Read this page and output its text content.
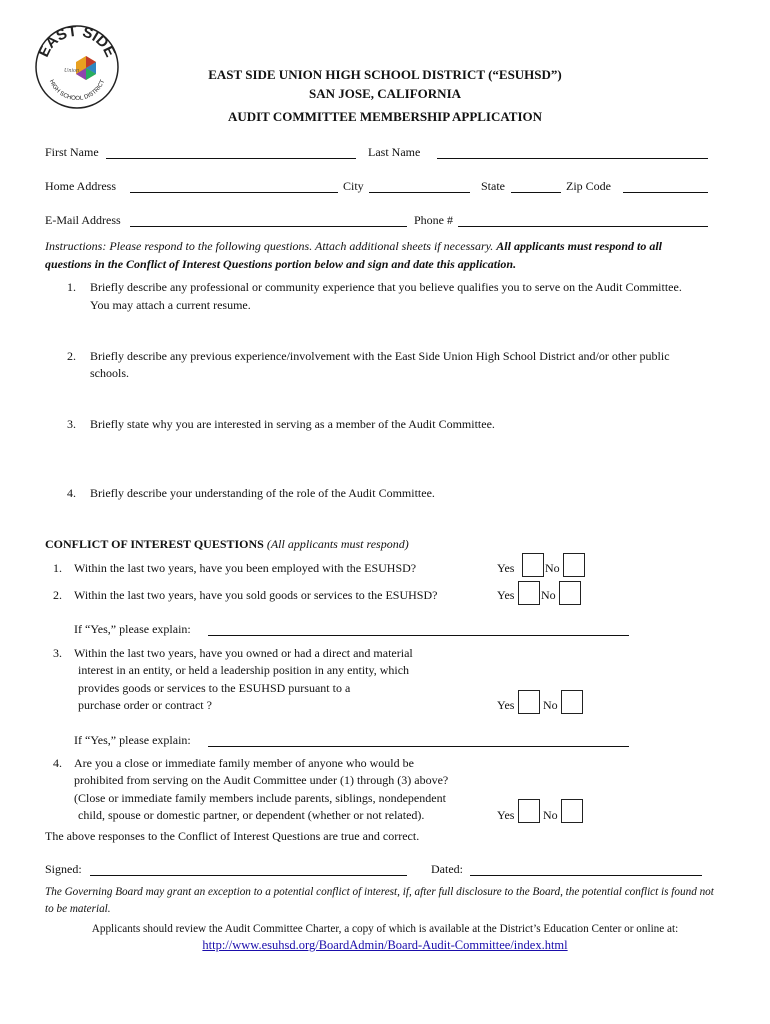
EAST SIDE
HIGH SCHOOL DISTRICT
Union	EAST SIDE UNION HIGH SCHOOL DISTRICT (“ESUHSD”)
SAN JOSE, CALIFORNIA
AUDIT COMMITTEE MEMBERSHIP APPLICATION
First Name	Last Name
Home Address	City	State	Zip Code
E-Mail Address	Phone #
Instructions: Please respond to the following questions. Attach additional sheets if necessary. All applicants must respond to all
questions in the Conflict of Interest Questions portion below and sign and date this application.
1. Briefly describe any professional or community experience that you believe qualifies you to serve on the Audit Committee.
You may attach a current resume.
2. Briefly describe any previous experience/involvement with the East Side Union High School District and/or other public
schools.
3. Briefly state why you are interested in serving as a member of the Audit Committee.
4. Briefly describe your understanding of the role of the Audit Committee.
CONFLICT OF INTEREST QUESTIONS (All applicants must respond)
1. Within the last two years, have you been employed with the ESUHSD?	Yes	No
2. Within the last two years, have you sold goods or services to the ESUHSD?	Yes No
If “Yes,” please explain:
3. Within the last two years, have you owned or had a direct and material
interest in an entity, or held a leadership position in any entity, which
provides goods or services to the ESUHSD pursuant to a
purchase order or contract ?	Yes No
If “Yes,” please explain:
4. Are you a close or immediate family member of anyone who would be
prohibited from serving on the Audit Committee under (1) through (3) above?
(Close or immediate family members include parents, siblings, nondependent
child, spouse or domestic partner, or dependent (whether or not related).	Yes No
The above responses to the Conflict of Interest Questions are true and correct.
Signed:	Dated:
The Governing Board may grant an exception to a potential conflict of interest, if, after full disclosure to the Board, the potential conflict is found not
to be material.
Applicants should review the Audit Committee Charter, a copy of which is available at the District’s Education Center or online at:
http://www.esuhsd.org/BoardAdmin/Board-Audit-Committee/index.html
